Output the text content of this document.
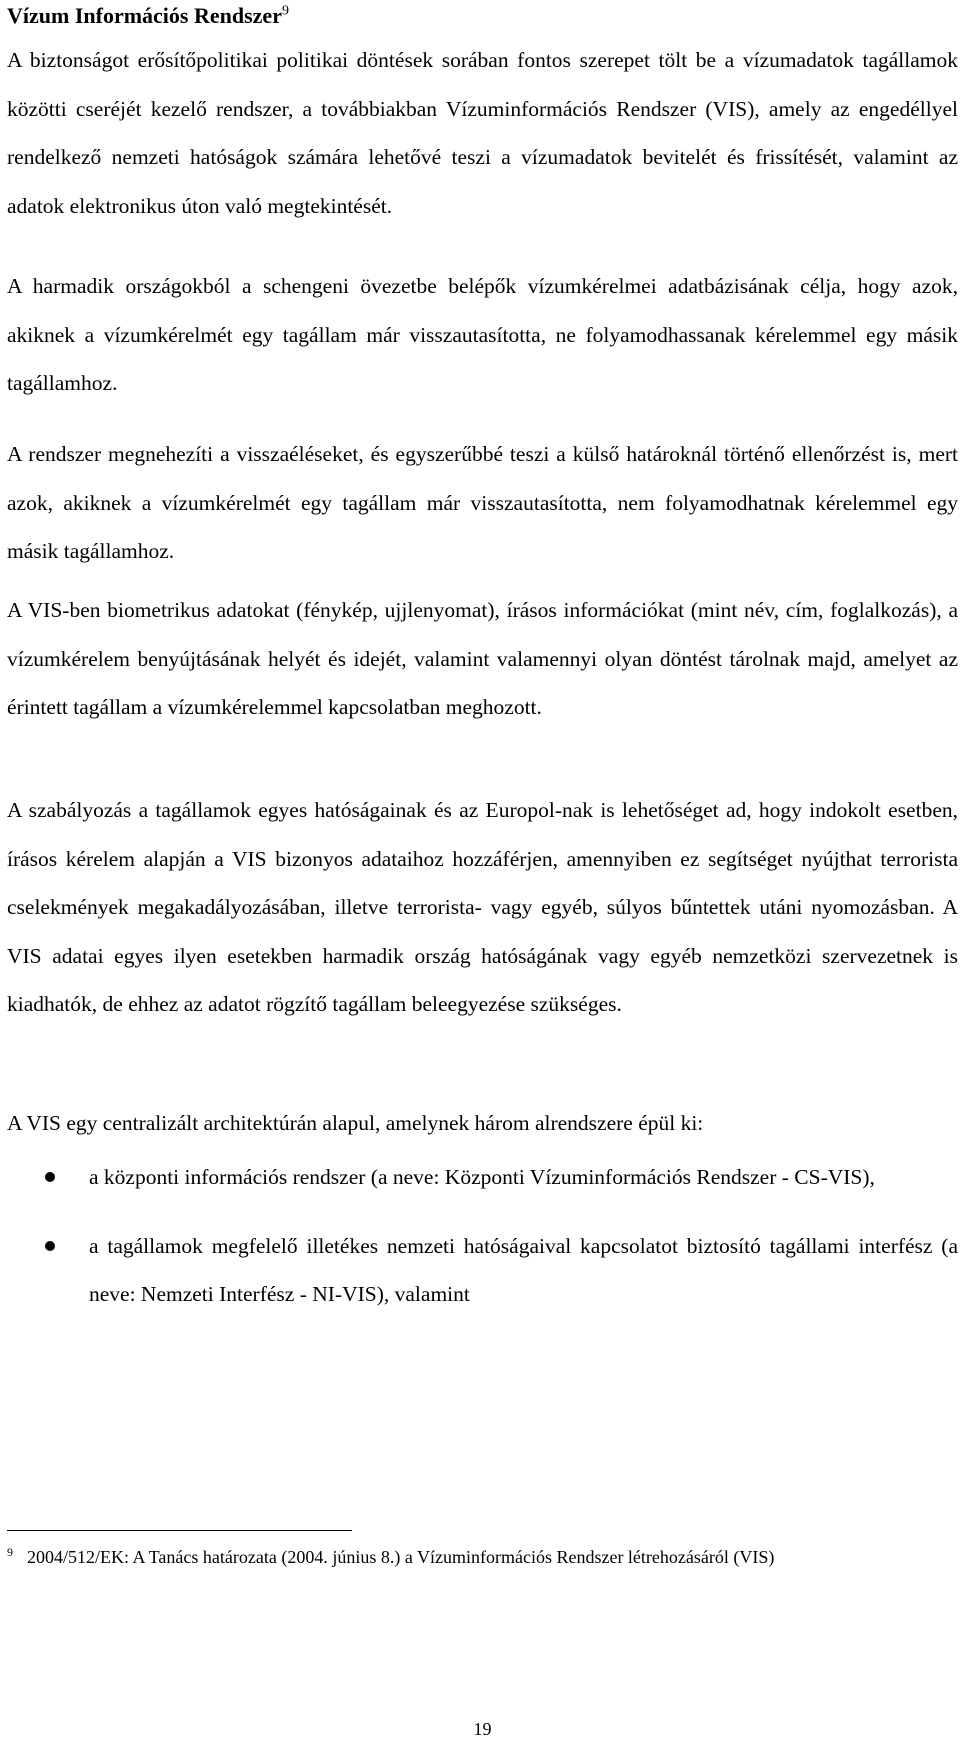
Vízum Információs Rendszer$^9$

A biztonságot erősítőpolitikai politikai döntések sorában fontos szerepet tölt be a vízumadatok tagállamok közötti cseréjét kezelő rendszer, a továbbiakban Vízuminformációs Rendszer (VIS), amely az engedéllyel rendelkező nemzeti hatóságok számára lehetővé teszi a vízumadatok bevitelét és frissítését, valamint az adatok elektronikus úton való megtekintését.

A harmadik országokból a schengeni övezetbe belépők vízumkérelmei adatbázisának célja, hogy azok, akiknek a vízumkérelmét egy tagállam már visszautasította, ne folyamodhassanak kérelemmel egy másik tagállamhoz.

A rendszer megnehezíti a visszaéléseket, és egyszerűbbé teszi a külső határoknál történő ellenőrzést is, mert azok, akiknek a vízumkérelmét egy tagállam már visszautasította, nem folyamodhatnak kérelemmel egy másik tagállamhoz.

A VIS-ben biometrikus adatokat (fénykép, ujjlenyomat), írásos információkat (mint név, cím, foglalkozás), a vízumkérelem benyújtásának helyét és idejét, valamint valamennyi olyan döntést tárolnak majd, amelyet az érintett tagállam a vízumkérelemmel kapcsolatban meghozott.

A szabályozás a tagállamok egyes hatóságainak és az Europol-nak is lehetőséget ad, hogy indokolt esetben, írásos kérelem alapján a VIS bizonyos adataihoz hozzáférjen, amennyiben ez segítséget nyújthat terrorista cselekmények megakadályozásában, illetve terrorista- vagy egyéb, súlyos bűntettek utáni nyomozásban. A VIS adatai egyes ilyen esetekben harmadik ország hatóságának vagy egyéb nemzetközi szervezetnek is kiadhatók, de ehhez az adatot rögzítő tagállam beleegyezése szükséges.

A VIS egy centralizált architektúrán alapul, amelynek három alrendszere épül ki:

a központi információs rendszer (a neve: Központi Vízuminformációs Rendszer - CS-VIS),
a tagállamok megfelelő illetékes nemzeti hatóságaival kapcsolatot biztosító tagállami interfész (a neve: Nemzeti Interfész - NI-VIS), valamint

$^9$ 2004/512/EK: A Tanács határozata (2004. június 8.) a Vízuminformációs Rendszer létrehozásáról (VIS)

19
